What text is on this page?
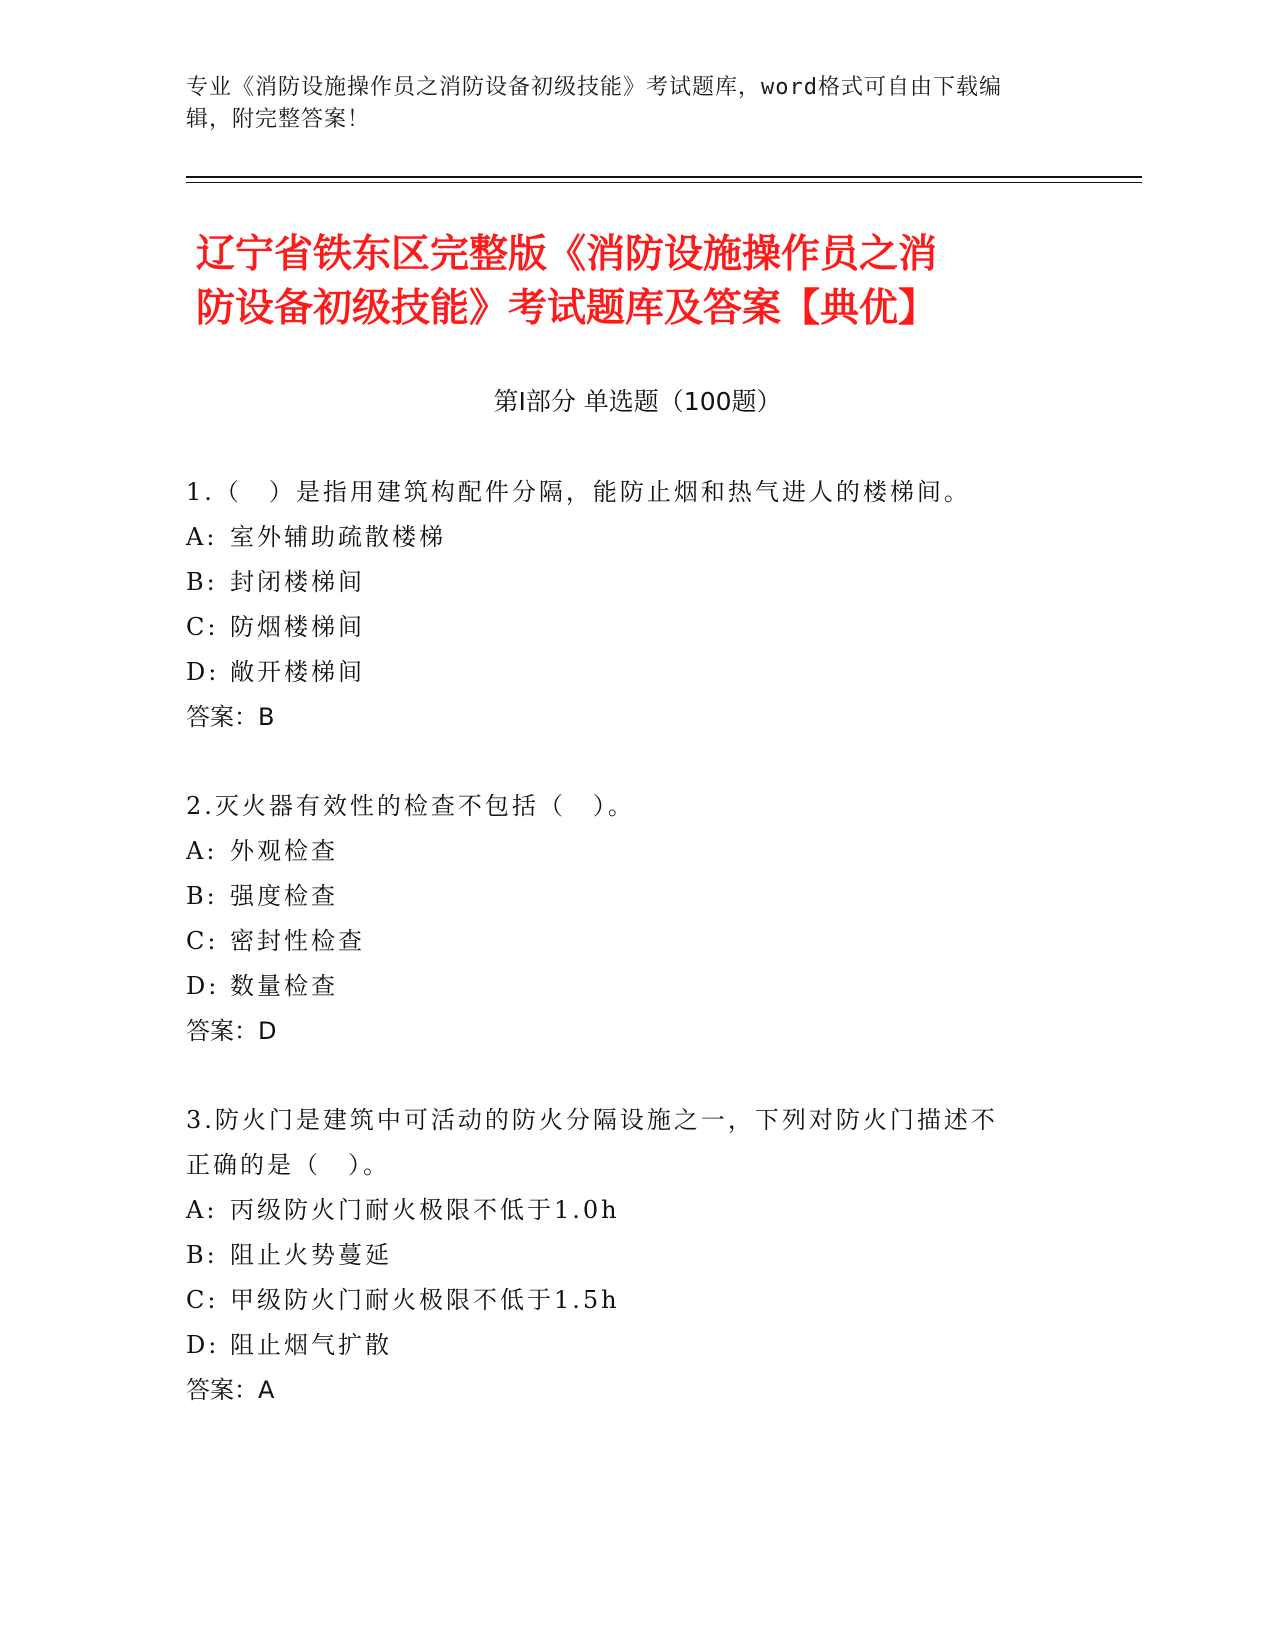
专业《消防设施操作员之消防设备初级技能》考试题库，word格式可自由下载编
辑，附完整答案！
辽宁省铁东区完整版《消防设施操作员之消
防设备初级技能》考试题库及答案【典优】
第Ⅰ部分 单选题（100题）
1.（　）是指用建筑构配件分隔，能防止烟和热气进人的楼梯间。
A: 室外辅助疏散楼梯
B: 封闭楼梯间
C: 防烟楼梯间
D: 敞开楼梯间
答案：B
2.灭火器有效性的检查不包括（　）。
A: 外观检查
B: 强度检查
C: 密封性检查
D: 数量检查
答案：D
3.防火门是建筑中可活动的防火分隔设施之一，下列对防火门描述不
正确的是（　）。
A: 丙级防火门耐火极限不低于1.0h
B: 阻止火势蔓延
C: 甲级防火门耐火极限不低于1.5h
D: 阻止烟气扩散
答案：A
